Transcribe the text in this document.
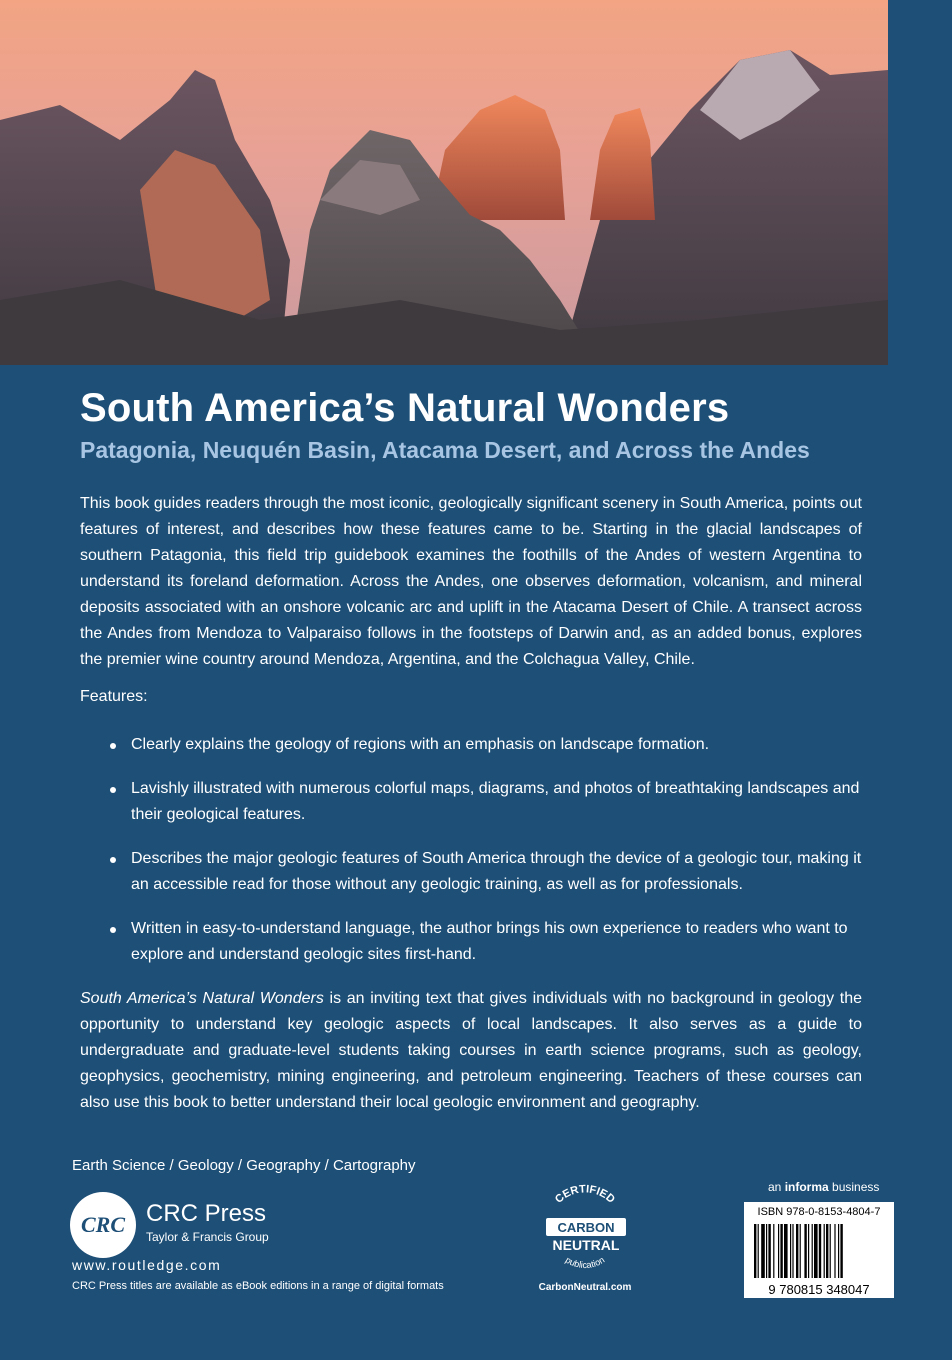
South America’s Natural Wonders
Patagonia, Neuquén Basin, Atacama Desert, and Across the Andes
This book guides readers through the most iconic, geologically significant scenery in South America, points out features of interest, and describes how these features came to be. Starting in the glacial landscapes of southern Patagonia, this field trip guidebook examines the foothills of the Andes of western Argentina to understand its foreland deformation. Across the Andes, one observes deformation, volcanism, and mineral deposits associated with an onshore volcanic arc and uplift in the Atacama Desert of Chile. A transect across the Andes from Mendoza to Valparaiso follows in the footsteps of Darwin and, as an added bonus, explores the premier wine country around Mendoza, Argentina, and the Colchagua Valley, Chile.
Features:
Clearly explains the geology of regions with an emphasis on landscape formation.
Lavishly illustrated with numerous colorful maps, diagrams, and photos of breathtaking landscapes and their geological features.
Describes the major geologic features of South America through the device of a geologic tour, making it an accessible read for those without any geologic training, as well as for professionals.
Written in easy-to-understand language, the author brings his own experience to readers who want to explore and understand geologic sites first-hand.
South America’s Natural Wonders is an inviting text that gives individuals with no background in geology the opportunity to understand key geologic aspects of local landscapes. It also serves as a guide to undergraduate and graduate-level students taking courses in earth science programs, such as geology, geophysics, geochemistry, mining engineering, and petroleum engineering. Teachers of these courses can also use this book to better understand their local geologic environment and geography.
Earth Science / Geology / Geography / Cartography
CRC CRC Press
Taylor & Francis Group
www.routledge.com
CRC Press titles are available as eBook editions in a range of digital formats
CERTIFIED
CARBON
NEUTRAL
publication
CarbonNeutral.com
an informa business
ISBN 978-0-8153-4804-7
9 780815 348047
